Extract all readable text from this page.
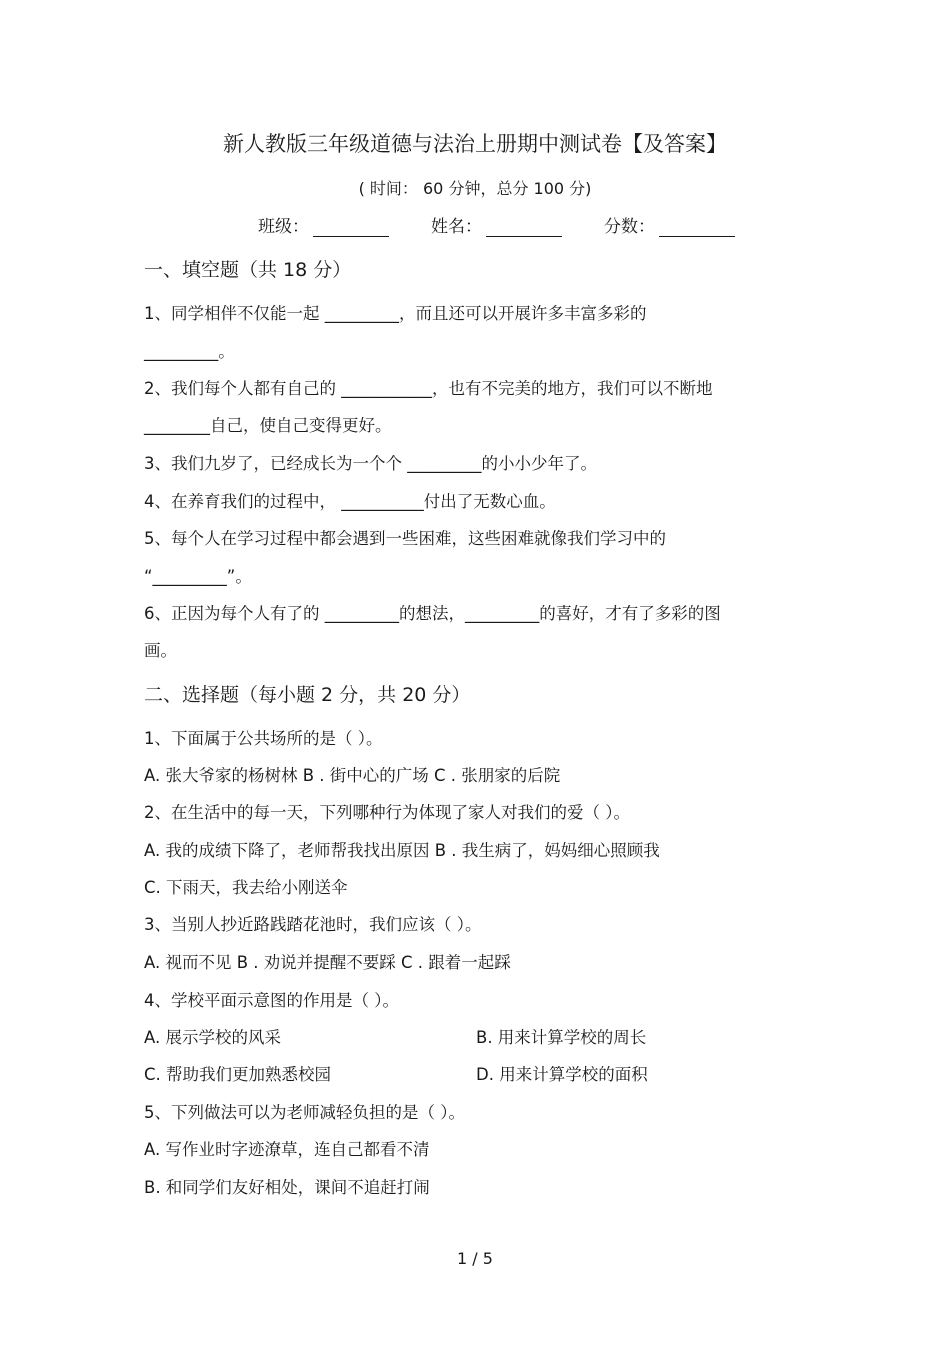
新人教版三年级道德与法治上册期中测试卷【及答案】
( 时间： 60 分钟，总分 100 分)
班级：	姓名：	分数：
一、填空题（共 18 分）
1、同学相伴不仅能一起 _________，而且还可以开展许多丰富多彩的
_________。
2、我们每个人都有自己的 ___________，也有不完美的地方，我们可以不断地
________自己，使自己变得更好。
3、我们九岁了，已经成长为一个个 _________的小小少年了。
4、在养育我们的过程中， __________付出了无数心血。
5、每个人在学习过程中都会遇到一些困难，这些困难就像我们学习中的
“_________”。
6、正因为每个人有了的 _________的想法，_________的喜好，才有了多彩的图
画。
二、选择题（每小题 2 分，共 20 分）
1、下面属于公共场所的是（ ）。
A. 张大爷家的杨树林 B . 街中心的广场 C . 张朋家的后院
2、在生活中的每一天，下列哪种行为体现了家人对我们的爱（ ）。
A. 我的成绩下降了，老师帮我找出原因 B . 我生病了，妈妈细心照顾我
C. 下雨天，我去给小刚送伞
3、当别人抄近路践踏花池时，我们应该（ ）。
A. 视而不见 B . 劝说并提醒不要踩 C . 跟着一起踩
4、学校平面示意图的作用是（ ）。
A. 展示学校的风采	B. 用来计算学校的周长
C. 帮助我们更加熟悉校园	D. 用来计算学校的面积
5、下列做法可以为老师减轻负担的是（ ）。
A. 写作业时字迹潦草，连自己都看不清
B. 和同学们友好相处，课间不追赶打闹
1 / 5
